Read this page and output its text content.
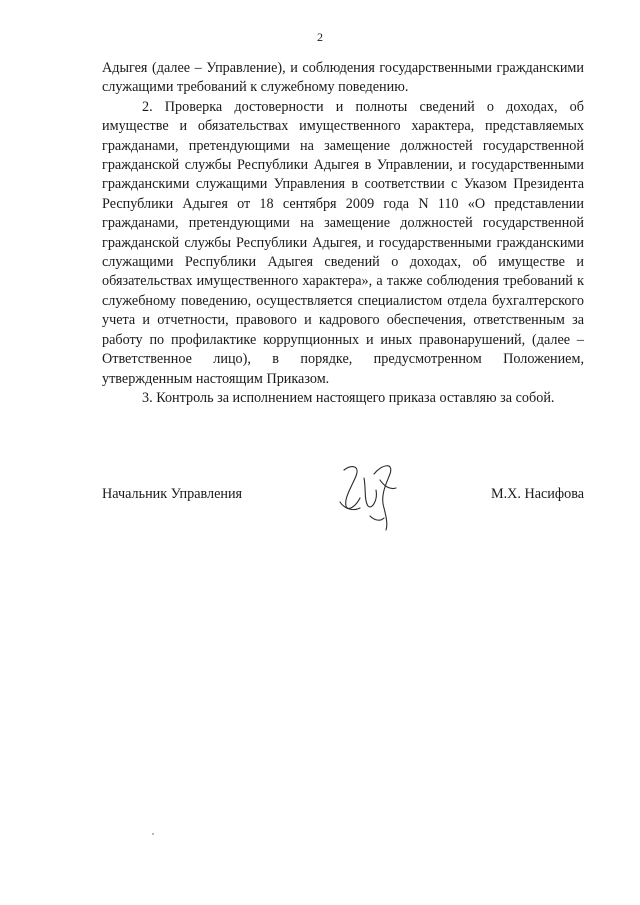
2

Адыгея (далее – Управление), и соблюдения государственными гражданскими служащими требований к служебному поведению.

2. Проверка достоверности и полноты сведений о доходах, об имуществе и обязательствах имущественного характера, представляемых гражданами, претендующими на замещение должностей государственной гражданской службы Республики Адыгея в Управлении, и государственными гражданскими служащими Управления в соответствии с Указом Президента Республики Адыгея от 18 сентября 2009 года N 110 «О представлении гражданами, претендующими на замещение должностей государственной гражданской службы Республики Адыгея, и государственными гражданскими служащими Республики Адыгея сведений о доходах, об имуществе и обязательствах имущественного характера», а также соблюдения требований к служебному поведению, осуществляется специалистом отдела бухгалтерского учета и отчетности, правового и кадрового обеспечения, ответственным за работу по профилактике коррупционных и иных правонарушений, (далее – Ответственное лицо), в порядке, предусмотренном Положением, утвержденным настоящим Приказом.

3. Контроль за исполнением настоящего приказа оставляю за собой.

Начальник Управления	М.Х. Насифова
